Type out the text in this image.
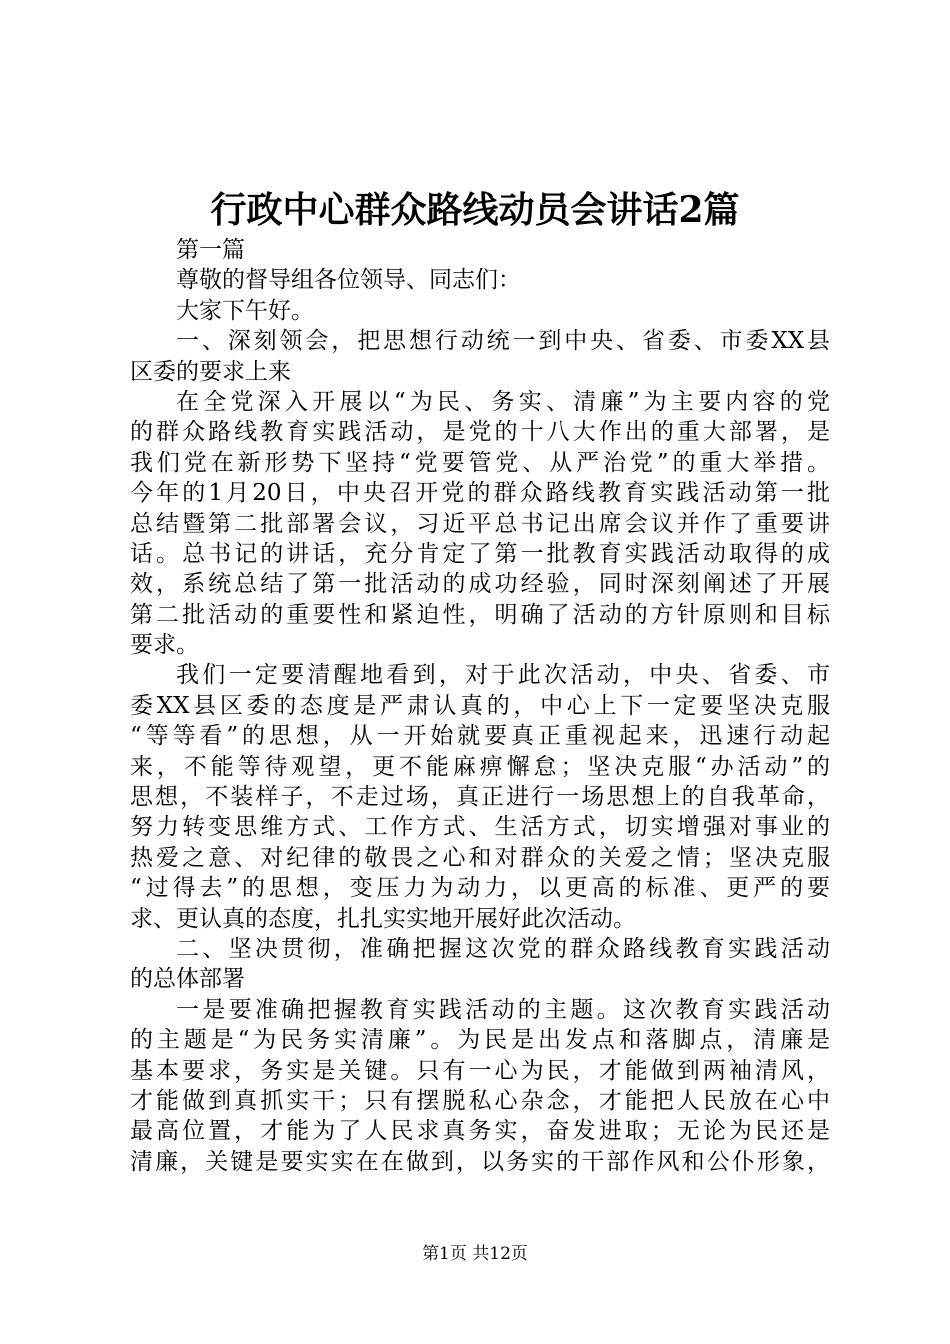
行政中心群众路线动员会讲话2篇
第一篇
尊敬的督导组各位领导、同志们：
大家下午好。
一、深刻领会，把思想行动统一到中央、省委、市委XX县
区委的要求上来
在全党深入开展以“为民、务实、清廉”为主要内容的党
的群众路线教育实践活动，是党的十八大作出的重大部署，是
我们党在新形势下坚持“党要管党、从严治党”的重大举措。
今年的1月20日，中央召开党的群众路线教育实践活动第一批
总结暨第二批部署会议，习近平总书记出席会议并作了重要讲
话。总书记的讲话，充分肯定了第一批教育实践活动取得的成
效，系统总结了第一批活动的成功经验，同时深刻阐述了开展
第二批活动的重要性和紧迫性，明确了活动的方针原则和目标
要求。
我们一定要清醒地看到，对于此次活动，中央、省委、市
委XX县区委的态度是严肃认真的，中心上下一定要坚决克服
“等等看”的思想，从一开始就要真正重视起来，迅速行动起
来，不能等待观望，更不能麻痹懈怠；坚决克服“办活动”的
思想，不装样子，不走过场，真正进行一场思想上的自我革命，
努力转变思维方式、工作方式、生活方式，切实增强对事业的
热爱之意、对纪律的敬畏之心和对群众的关爱之情；坚决克服
“过得去”的思想，变压力为动力，以更高的标准、更严的要
求、更认真的态度，扎扎实实地开展好此次活动。
二、坚决贯彻，准确把握这次党的群众路线教育实践活动
的总体部署
一是要准确把握教育实践活动的主题。这次教育实践活动
的主题是“为民务实清廉”。为民是出发点和落脚点，清廉是
基本要求，务实是关键。只有一心为民，才能做到两袖清风，
才能做到真抓实干；只有摆脱私心杂念，才能把人民放在心中
最高位置，才能为了人民求真务实，奋发进取；无论为民还是
清廉，关键是要实实在在做到，以务实的干部作风和公仆形象，
第1页 共12页
